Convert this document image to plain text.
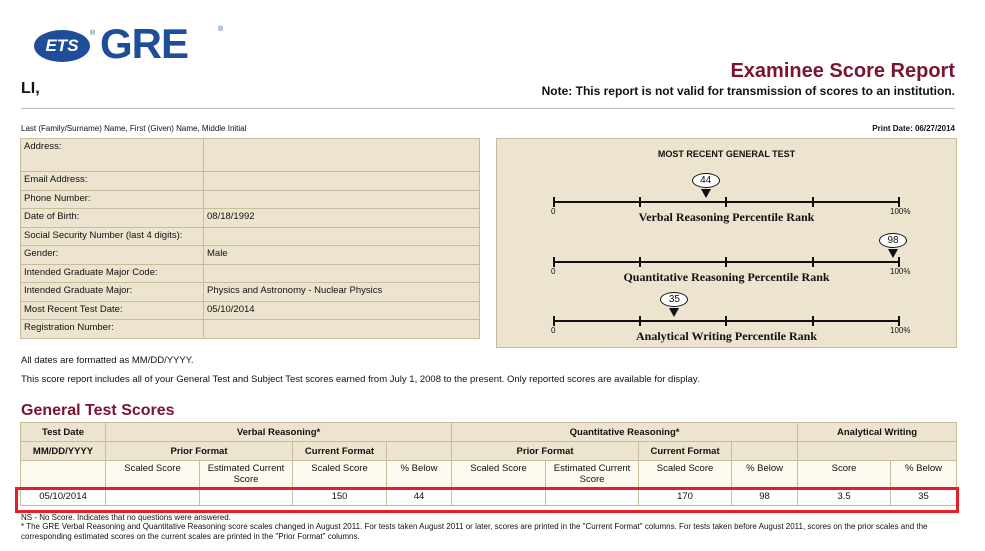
ETS
® GRE	®
LI,
Examinee Score Report
Note: This report is not valid for transmission of scores to an institution.
Last (Family/Surname) Name, First (Given) Name, Middle Initial	Print Date: 06/27/2014
Address:	
Email Address:	
Phone Number:	
Date of Birth:	08/18/1992
Social Security Number (last 4 digits):	
Gender:	Male
Intended Graduate Major Code:	
Intended Graduate Major:	Physics and Astronomy - Nuclear Physics
Most Recent Test Date:	05/10/2014
Registration Number:	
MOST RECENT GENERAL TEST
0	100%
44
Verbal Reasoning Percentile Rank
0	100%
98
Quantitative Reasoning Percentile Rank
0	100%
35
Analytical Writing Percentile Rank
All dates are formatted as MM/DD/YYYY.
This score report includes all of your General Test and Subject Test scores earned from July 1, 2008 to the present. Only reported scores are available for display.
General Test Scores
Test Date	Verbal Reasoning*				Quantitative Reasoning*				Analytical Writing	
MM/DD/YYYY	Prior Format		Current Format		Prior Format		Current Format			
	Scaled Score	Estimated Current Score	Scaled Score	% Below	Scaled Score	Estimated Current Score	Scaled Score	% Below	Score	% Below
05/10/2014			150	44			170	98	3.5	35
NS - No Score. Indicates that no questions were answered.
* The GRE Verbal Reasoning and Quantitative Reasoning score scales changed in August 2011. For tests taken August 2011 or later, scores are printed in the "Current Format" columns. For tests taken before August 2011, scores on the prior scales and the corresponding estimated scores on the current scales are printed in the "Prior Format" columns.
